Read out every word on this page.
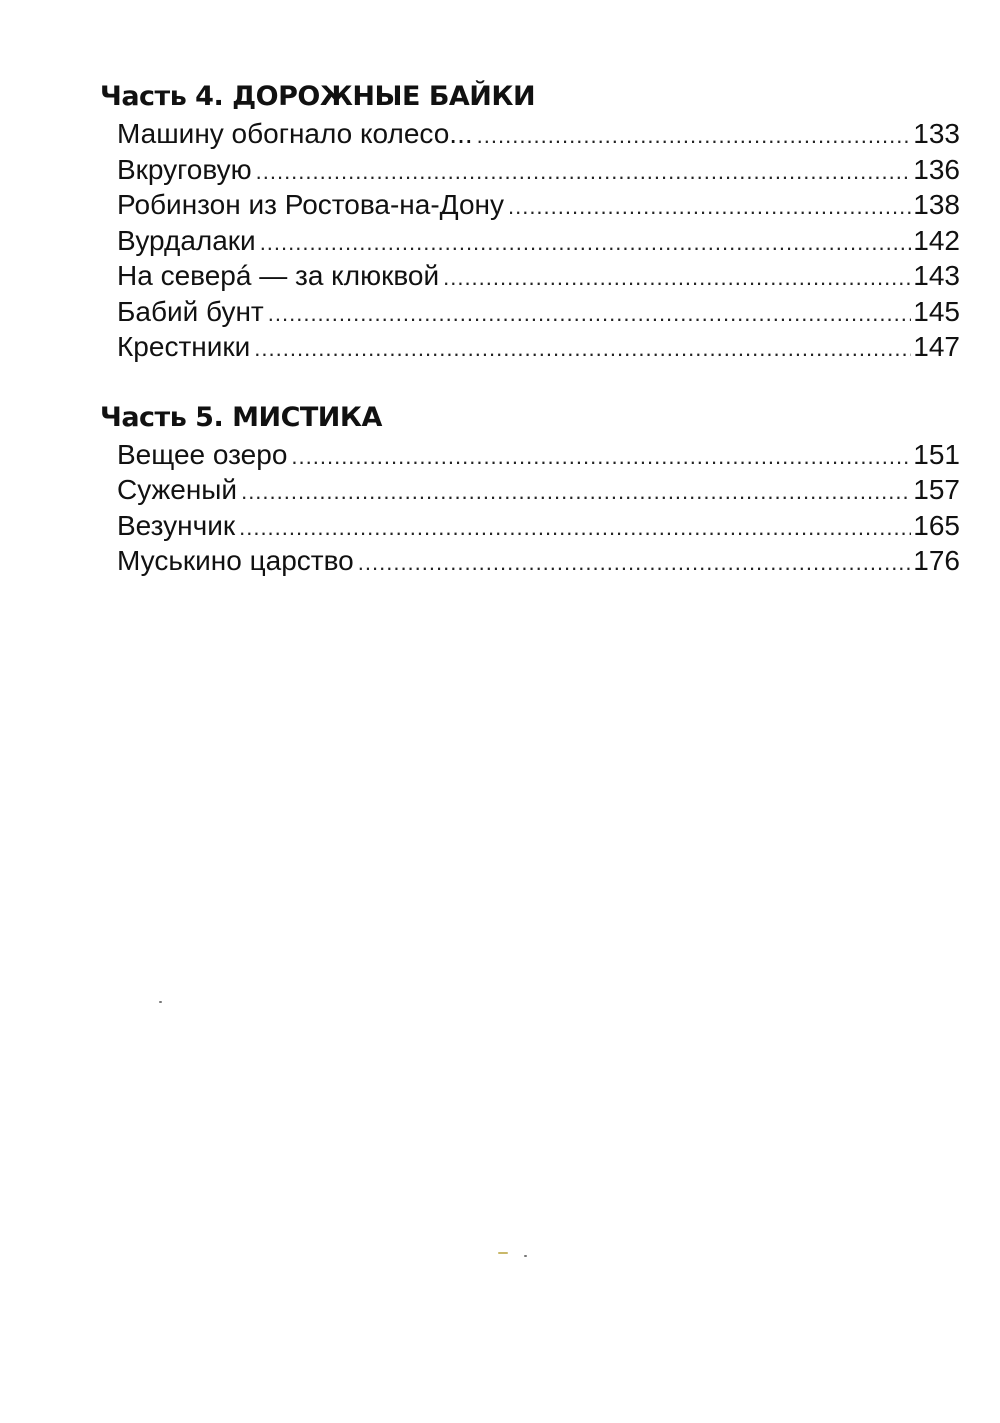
Часть 4. ДОРОЖНЫЕ БАЙКИ
Машину обогнало колесо... .....	133
Вкруговую .....	136
Робинзон из Ростова-на-Дону .....	138
Вурдалаки .....	142
На северá — за клюквой .....	143
Бабий бунт .....	145
Крестники .....	147
Часть 5. МИСТИКА
Вещее озеро .....	151
Суженый .....	157
Везунчик .....	165
Муськино царство .....	176
